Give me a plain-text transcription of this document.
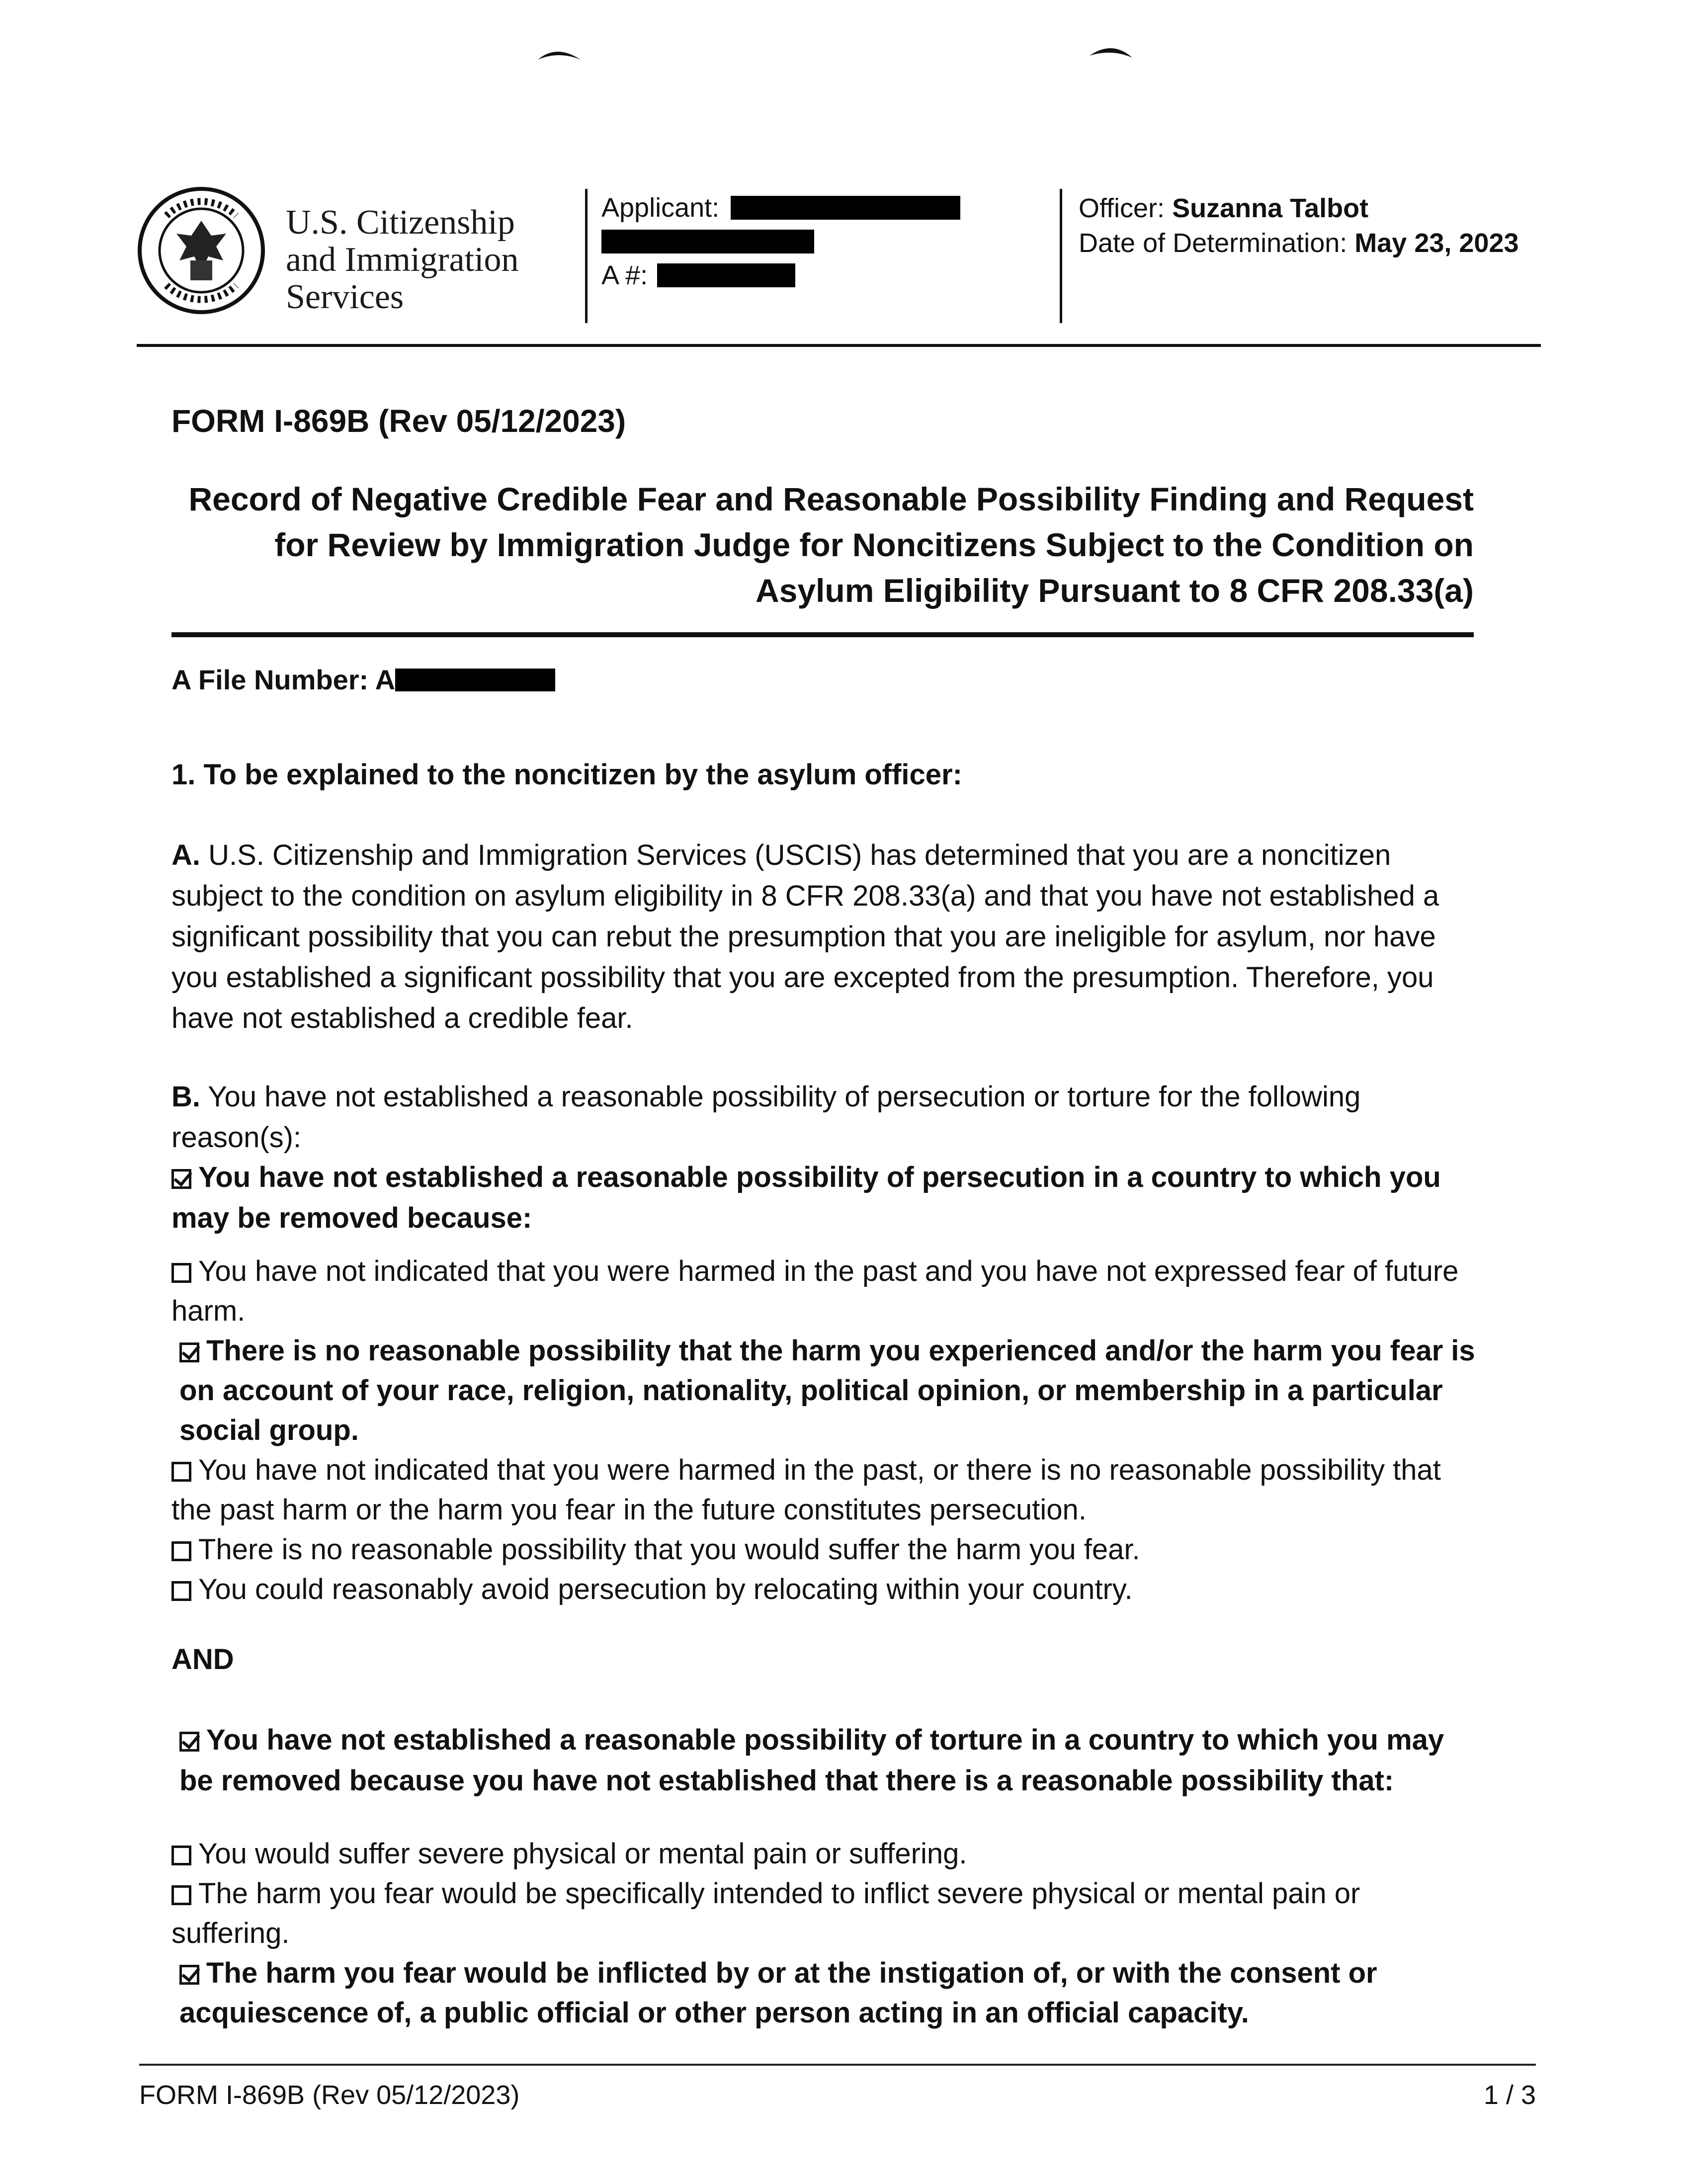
U.S. Citizenship
and Immigration
Services
Applicant:
A #:
Officer: Suzanna Talbot
Date of Determination: May 23, 2023
FORM I-869B (Rev 05/12/2023)
Record of Negative Credible Fear and Reasonable Possibility Finding and Request for Review by Immigration Judge for Noncitizens Subject to the Condition on Asylum Eligibility Pursuant to 8 CFR 208.33(a)
A File Number: A
1. To be explained to the noncitizen by the asylum officer:
A. U.S. Citizenship and Immigration Services (USCIS) has determined that you are a noncitizen subject to the condition on asylum eligibility in 8 CFR 208.33(a) and that you have not established a significant possibility that you can rebut the presumption that you are ineligible for asylum, nor have you established a significant possibility that you are excepted from the presumption. Therefore, you have not established a credible fear.
B. You have not established a reasonable possibility of persecution or torture for the following reason(s):
You have not established a reasonable possibility of persecution in a country to which you may be removed because:
You have not indicated that you were harmed in the past and you have not expressed fear of future harm.
There is no reasonable possibility that the harm you experienced and/or the harm you fear is on account of your race, religion, nationality, political opinion, or membership in a particular social group.
You have not indicated that you were harmed in the past, or there is no reasonable possibility that the past harm or the harm you fear in the future constitutes persecution.
There is no reasonable possibility that you would suffer the harm you fear.
You could reasonably avoid persecution by relocating within your country.
AND
You have not established a reasonable possibility of torture in a country to which you may be removed because you have not established that there is a reasonable possibility that:
You would suffer severe physical or mental pain or suffering.
The harm you fear would be specifically intended to inflict severe physical or mental pain or suffering.
The harm you fear would be inflicted by or at the instigation of, or with the consent or acquiescence of, a public official or other person acting in an official capacity.
FORM I-869B (Rev 05/12/2023)	1 / 3
